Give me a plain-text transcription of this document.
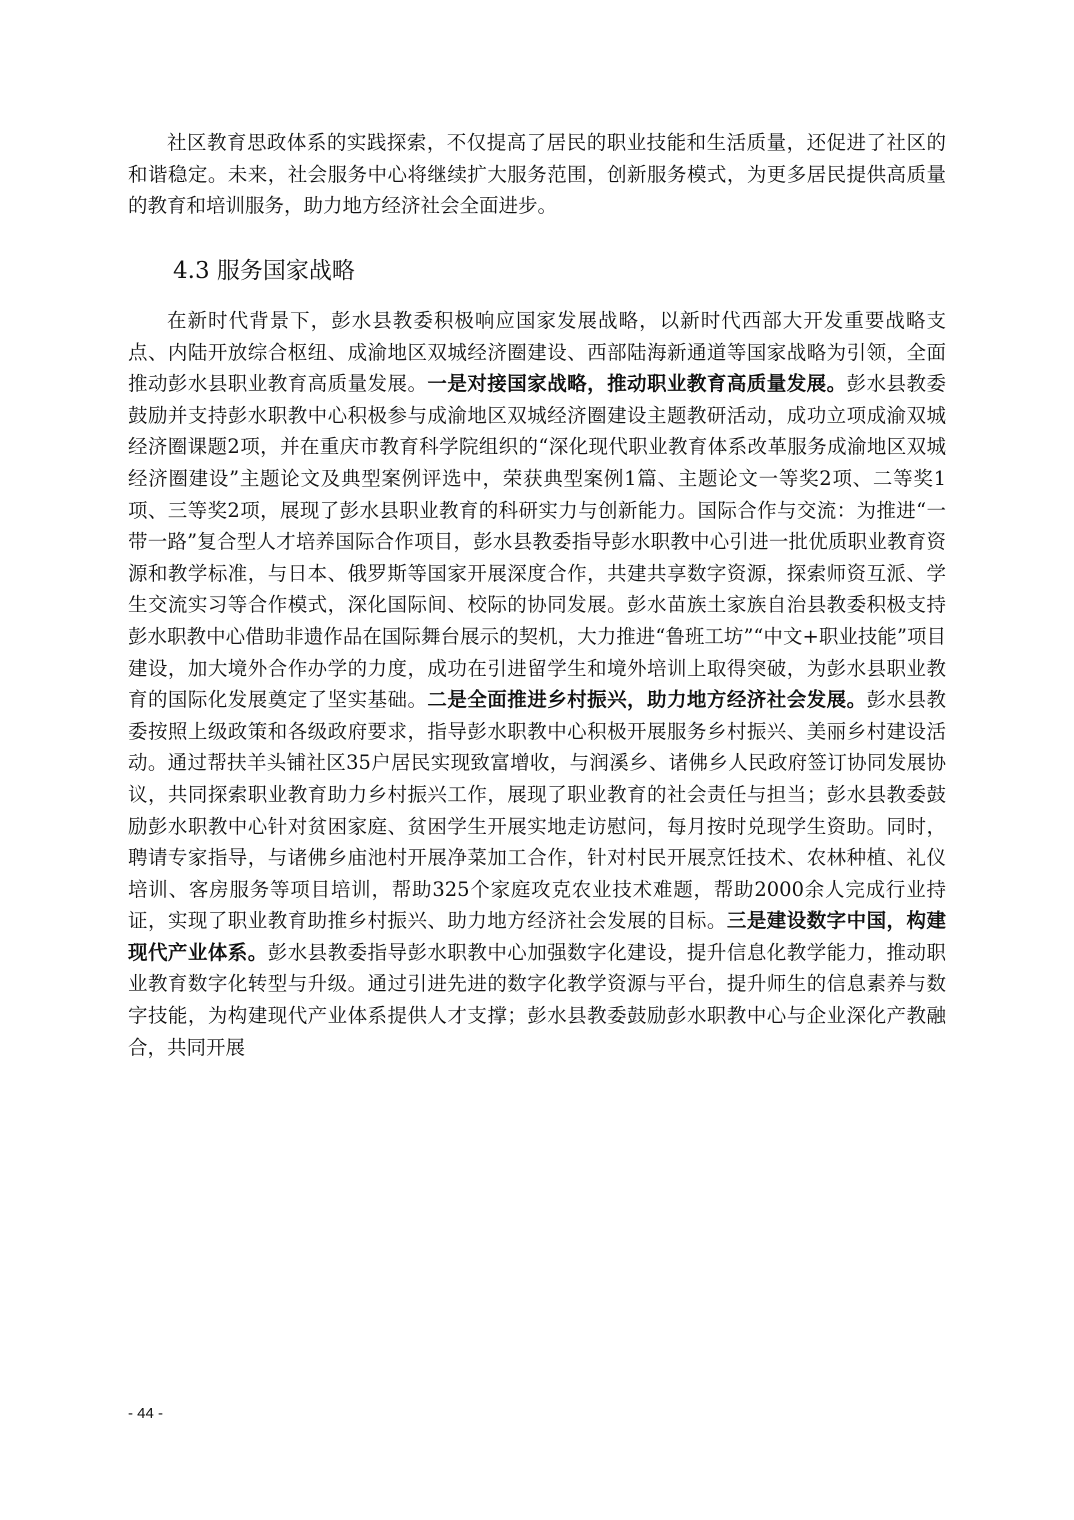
社区教育思政体系的实践探索，不仅提高了居民的职业技能和生活质量，还促进了社区的和谐稳定。未来，社会服务中心将继续扩大服务范围，创新服务模式，为更多居民提供高质量的教育和培训服务，助力地方经济社会全面进步。

4.3 服务国家战略

在新时代背景下，彭水县教委积极响应国家发展战略，以新时代西部大开发重要战略支点、内陆开放综合枢纽、成渝地区双城经济圈建设、西部陆海新通道等国家战略为引领，全面推动彭水县职业教育高质量发展。一是对接国家战略，推动职业教育高质量发展。彭水县教委鼓励并支持彭水职教中心积极参与成渝地区双城经济圈建设主题教研活动，成功立项成渝双城经济圈课题2项，并在重庆市教育科学院组织的“深化现代职业教育体系改革服务成渝地区双城经济圈建设”主题论文及典型案例评选中，荣获典型案例1篇、主题论文一等奖2项、二等奖1项、三等奖2项，展现了彭水县职业教育的科研实力与创新能力。国际合作与交流：为推进“一带一路”复合型人才培养国际合作项目，彭水县教委指导彭水职教中心引进一批优质职业教育资源和教学标准，与日本、俄罗斯等国家开展深度合作，共建共享数字资源，探索师资互派、学生交流实习等合作模式，深化国际间、校际的协同发展。彭水苗族土家族自治县教委积极支持彭水职教中心借助非遗作品在国际舞台展示的契机，大力推进“鲁班工坊”“中文+职业技能”项目建设，加大境外合作办学的力度，成功在引进留学生和境外培训上取得突破，为彭水县职业教育的国际化发展奠定了坚实基础。二是全面推进乡村振兴，助力地方经济社会发展。彭水县教委按照上级政策和各级政府要求，指导彭水职教中心积极开展服务乡村振兴、美丽乡村建设活动。通过帮扶羊头铺社区35户居民实现致富增收，与润溪乡、诸佛乡人民政府签订协同发展协议，共同探索职业教育助力乡村振兴工作，展现了职业教育的社会责任与担当；彭水县教委鼓励彭水职教中心针对贫困家庭、贫困学生开展实地走访慰问，每月按时兑现学生资助。同时，聘请专家指导，与诸佛乡庙池村开展净菜加工合作，针对村民开展烹饪技术、农林种植、礼仪培训、客房服务等项目培训，帮助325个家庭攻克农业技术难题，帮助2000余人完成行业持证，实现了职业教育助推乡村振兴、助力地方经济社会发展的目标。三是建设数字中国，构建现代产业体系。彭水县教委指导彭水职教中心加强数字化建设，提升信息化教学能力，推动职业教育数字化转型与升级。通过引进先进的数字化教学资源与平台，提升师生的信息素养与数字技能，为构建现代产业体系提供人才支撑；彭水县教委鼓励彭水职教中心与企业深化产教融合，共同开展

- 44 -
